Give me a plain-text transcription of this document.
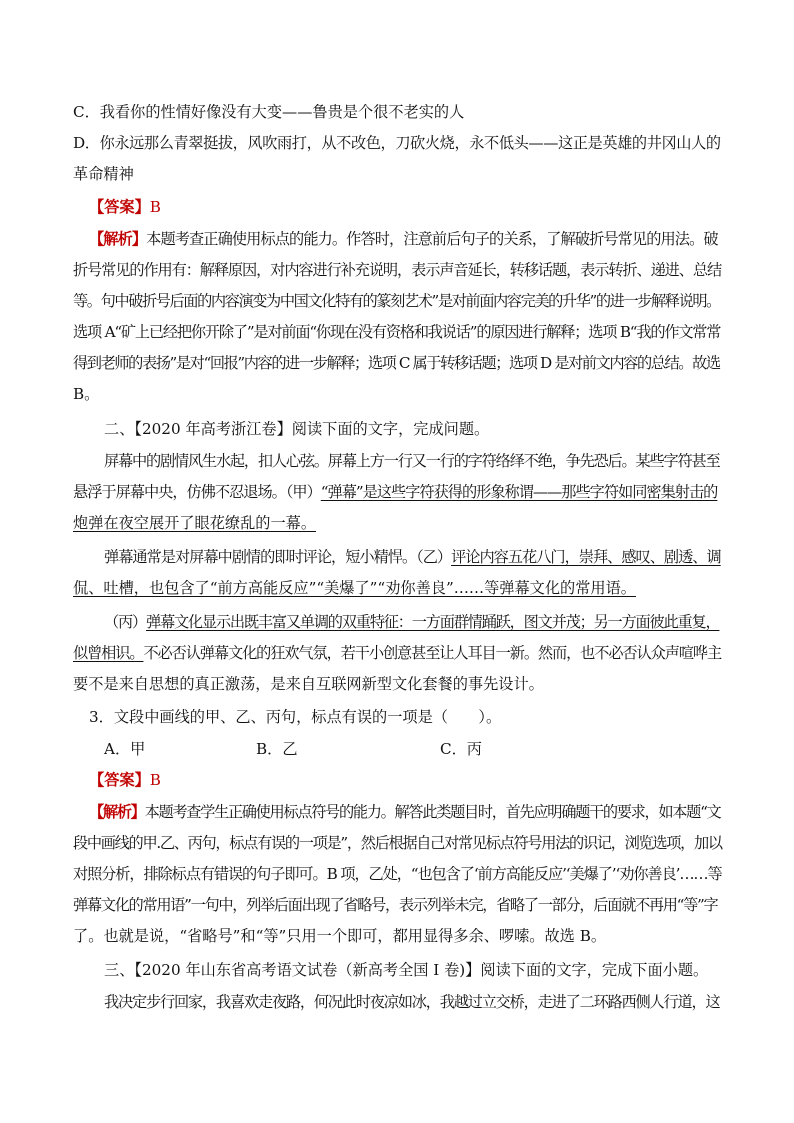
C．我看你的性情好像没有大变——鲁贵是个很不老实的人
D．你永远那么青翠挺拔，风吹雨打，从不改色，刀砍火烧，永不低头——这正是英雄的井冈山人的
革命精神
【答案】B
【解析】本题考查正确使用标点的能力。作答时，注意前后句子的关系，了解破折号常见的用法。破
折号常见的作用有：解释原因，对内容进行补充说明，表示声音延长，转移话题，表示转折、递进、总结
等。句中破折号后面的内容演变为中国文化特有的篆刻艺术”是对前面内容完美的升华”的进一步解释说明。
选项 A“矿上已经把你开除了”是对前面“你现在没有资格和我说话”的原因进行解释；选项 B“我的作文常常
得到老师的表扬”是对“回报”内容的进一步解释；选项 C 属于转移话题；选项 D 是对前文内容的总结。故选
B。
二、【2020 年高考浙江卷】阅读下面的文字，完成问题。
屏幕中的剧情风生水起，扣人心弦。屏幕上方一行又一行的字符络绎不绝，争先恐后。某些字符甚至
悬浮于屏幕中央，仿佛不忍退场。（甲）“弹幕”是这些字符获得的形象称谓——那些字符如同密集射击的
炮弹在夜空展开了眼花缭乱的一幕。
弹幕通常是对屏幕中剧情的即时评论，短小精悍。（乙）评论内容五花八门，崇拜、感叹、剧透、调
侃、吐槽，也包含了“前方高能反应”“美爆了”“劝你善良”……等弹幕文化的常用语。
（丙）弹幕文化显示出既丰富又单调的双重特征：一方面群情踊跃，图文并茂；另一方面彼此重复，
似曾相识。不必否认弹幕文化的狂欢气氛，若干小创意甚至让人耳目一新。然而，也不必否认众声喧哗主
要不是来自思想的真正激荡，是来自互联网新型文化套餐的事先设计。
3．文段中画线的甲、乙、丙句，标点有误的一项是（　　）。
A．甲	B．乙	C．丙
【答案】B
【解析】本题考查学生正确使用标点符号的能力。解答此类题目时，首先应明确题干的要求，如本题“文
段中画线的甲.乙、丙句，标点有误的一项是”，然后根据自己对常见标点符号用法的识记，浏览选项，加以
对照分析，排除标点有错误的句子即可。B 项，乙处，“也包含了‘前方高能反应’‘美爆了’‘劝你善良’……等
弹幕文化的常用语”一句中，列举后面出现了省略号，表示列举未完，省略了一部分，后面就不再用“等”字
了。也就是说，“省略号”和“等”只用一个即可，都用显得多余、啰嗦。故选 B。
三、【2020 年山东省高考语文试卷（新高考全国 I 卷)】阅读下面的文字，完成下面小题。
我决定步行回家，我喜欢走夜路，何况此时夜凉如冰，我越过立交桥，走进了二环路西侧人行道，这
